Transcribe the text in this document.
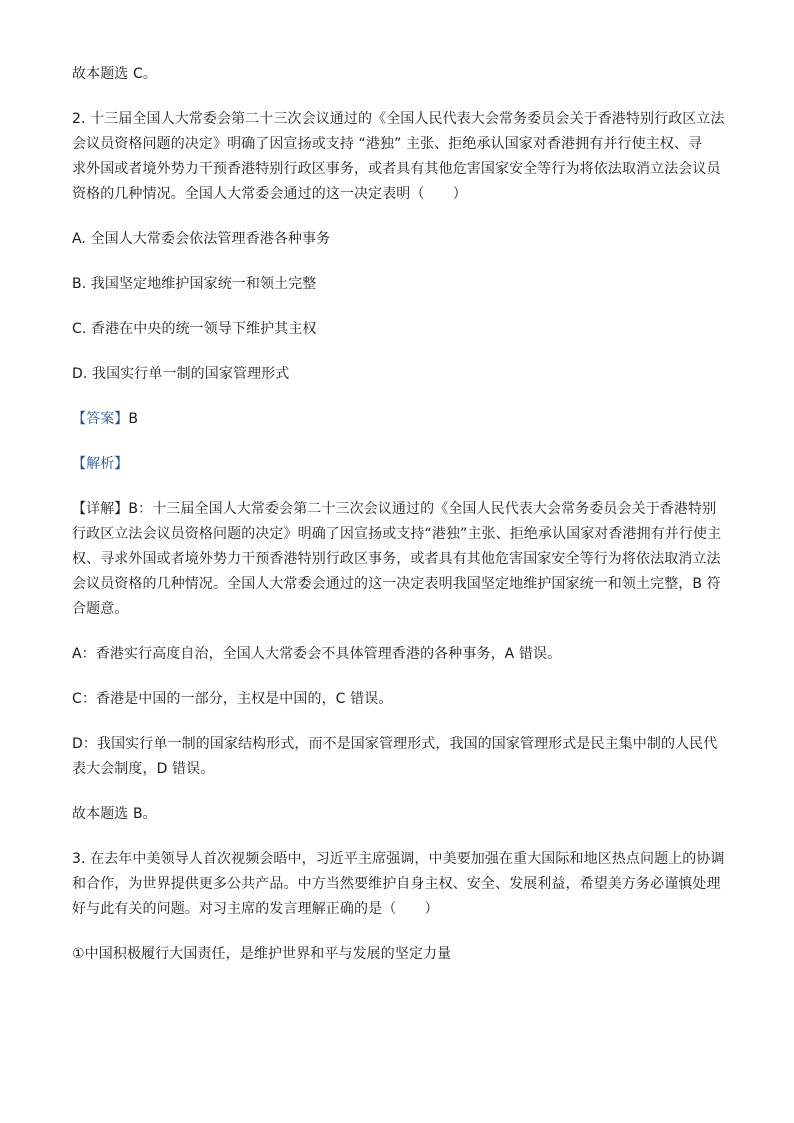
故本题选 C。
2. 十三届全国人大常委会第二十三次会议通过的《全国人民代表大会常务委员会关于香港特别行政区立法
会议员资格问题的决定》明确了因宣扬或支持 “港独” 主张、拒绝承认国家对香港拥有并行使主权、寻
求外国或者境外势力干预香港特别行政区事务，或者具有其他危害国家安全等行为将依法取消立法会议员
资格的几种情况。全国人大常委会通过的这一决定表明（　　）
A. 全国人大常委会依法管理香港各种事务
B. 我国坚定地维护国家统一和领土完整
C. 香港在中央的统一领导下维护其主权
D. 我国实行单一制的国家管理形式
【答案】B
【解析】
【详解】B：十三届全国人大常委会第二十三次会议通过的《全国人民代表大会常务委员会关于香港特别
行政区立法会议员资格问题的决定》明确了因宣扬或支持“港独”主张、拒绝承认国家对香港拥有并行使主
权、寻求外国或者境外势力干预香港特别行政区事务，或者具有其他危害国家安全等行为将依法取消立法
会议员资格的几种情况。全国人大常委会通过的这一决定表明我国坚定地维护国家统一和领土完整，B 符
合题意。
A：香港实行高度自治，全国人大常委会不具体管理香港的各种事务，A 错误。
C：香港是中国的一部分，主权是中国的，C 错误。
D：我国实行单一制的国家结构形式，而不是国家管理形式，我国的国家管理形式是民主集中制的人民代
表大会制度，D 错误。
故本题选 B。
3. 在去年中美领导人首次视频会晤中，习近平主席强调，中美要加强在重大国际和地区热点问题上的协调
和合作，为世界提供更多公共产品。中方当然要维护自身主权、安全、发展利益，希望美方务必谨慎处理
好与此有关的问题。对习主席的发言理解正确的是（　　）
①中国积极履行大国责任，是维护世界和平与发展的坚定力量
